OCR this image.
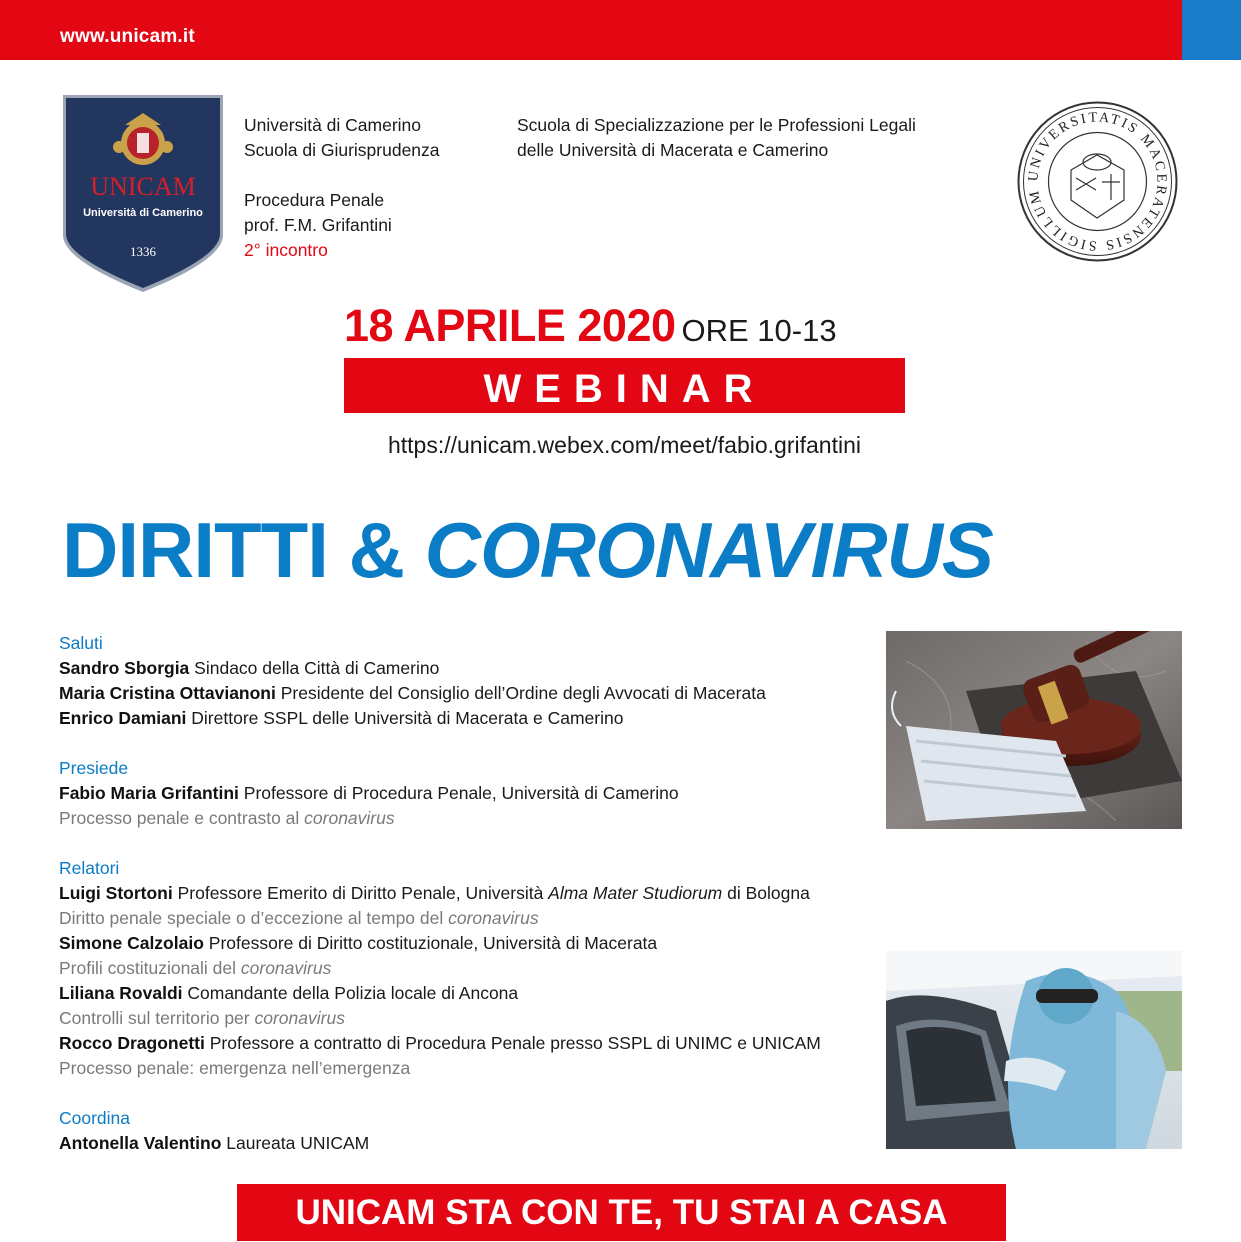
www.unicam.it
UNICAM
Università di Camerino
1336
Università di Camerino
Scuola di Giurisprudenza
Procedura Penale
prof. F.M. Grifantini
2° incontro
Scuola di Specializzazione per le Professioni Legali
delle Università di Macerata e Camerino
UNIVERSITATIS MACERATENSIS SIGILLUM
18 APRILE 2020 ORE 10-13
WEBINAR
https://unicam.webex.com/meet/fabio.grifantini
DIRITTI & CORONAVIRUS
Saluti
Sandro Sborgia Sindaco della Città di Camerino
Maria Cristina Ottavianoni Presidente del Consiglio dell’Ordine degli Avvocati di Macerata
Enrico Damiani Direttore SSPL delle Università di Macerata e Camerino
Presiede
Fabio Maria Grifantini Professore di Procedura Penale, Università di Camerino
Processo penale e contrasto al coronavirus
Relatori
Luigi Stortoni Professore Emerito di Diritto Penale, Università Alma Mater Studiorum di Bologna
Diritto penale speciale o d’eccezione al tempo del coronavirus
Simone Calzolaio Professore di Diritto costituzionale, Università di Macerata
Profili costituzionali del coronavirus
Liliana Rovaldi Comandante della Polizia locale di Ancona
Controlli sul territorio per coronavirus
Rocco Dragonetti Professore a contratto di Procedura Penale presso SSPL di UNIMC e UNICAM
Processo penale: emergenza nell’emergenza
Coordina
Antonella Valentino Laureata UNICAM
UNICAM STA CON TE, TU STAI A CASA
